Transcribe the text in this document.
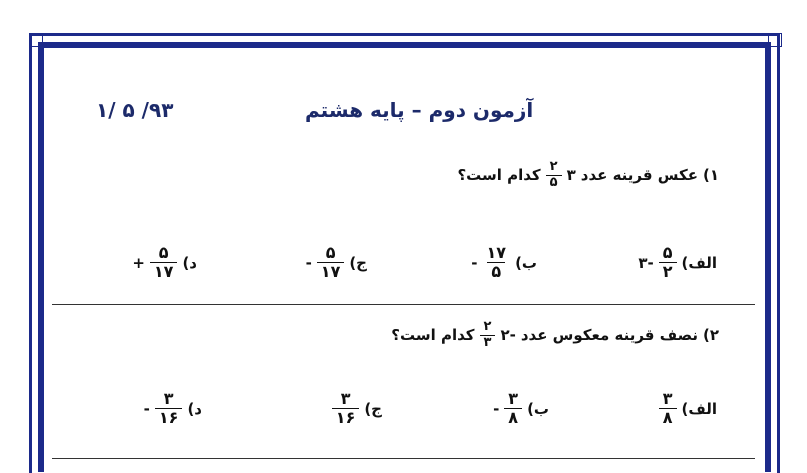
۹۳/ ۵ /۱	آزمون دوم – پایه هشتم
۱)
عکس قرینه عدد
۳
$\frac{۲}{۵}$
کدام است؟
الف)
$\frac{۵}{۲}$
-۳
ب)
$\frac{۱۷}{۵}$
-
ج)
$\frac{۵}{۱۷}$
-
د)
$\frac{۵}{۱۷}$
+
۲)
نصف قرینه معکوس عدد
-۲
$\frac{۲}{۳}$
کدام است؟
الف)
$\frac{۳}{۸}$
ب)
$\frac{۳}{۸}$
-
ج)
$\frac{۳}{۱۶}$
د)
$\frac{۳}{۱۶}$
-
